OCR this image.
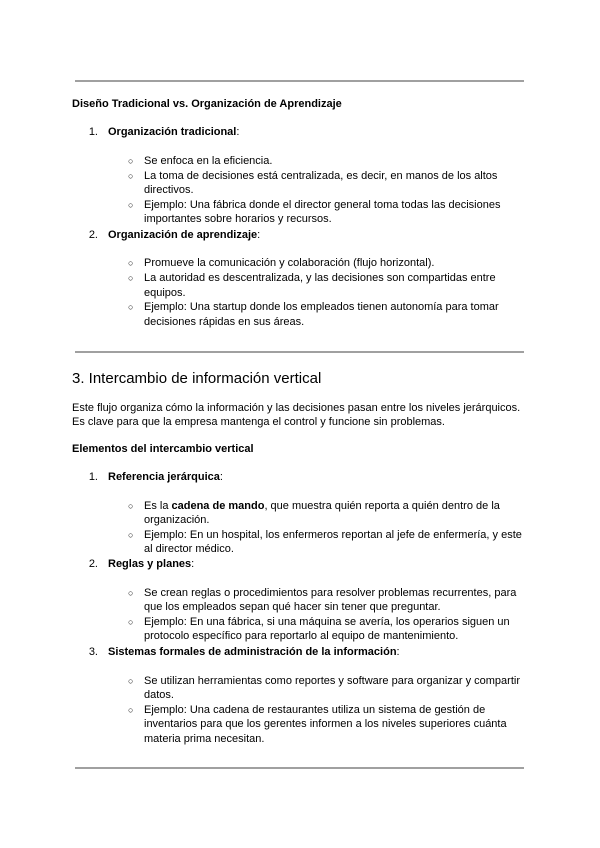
Diseño Tradicional vs. Organización de Aprendizaje
1. Organización tradicional:
○ Se enfoca en la eficiencia.
○ La toma de decisiones está centralizada, es decir, en manos de los altos
directivos.
○ Ejemplo: Una fábrica donde el director general toma todas las decisiones
importantes sobre horarios y recursos.
2. Organización de aprendizaje:
○ Promueve la comunicación y colaboración (flujo horizontal).
○ La autoridad es descentralizada, y las decisiones son compartidas entre
equipos.
○ Ejemplo: Una startup donde los empleados tienen autonomía para tomar
decisiones rápidas en sus áreas.
3. Intercambio de información vertical
Este flujo organiza cómo la información y las decisiones pasan entre los niveles jerárquicos.
Es clave para que la empresa mantenga el control y funcione sin problemas.
Elementos del intercambio vertical
1. Referencia jerárquica:
○ Es la cadena de mando, que muestra quién reporta a quién dentro de la
organización.
○ Ejemplo: En un hospital, los enfermeros reportan al jefe de enfermería, y este
al director médico.
2. Reglas y planes:
○ Se crean reglas o procedimientos para resolver problemas recurrentes, para
que los empleados sepan qué hacer sin tener que preguntar.
○ Ejemplo: En una fábrica, si una máquina se avería, los operarios siguen un
protocolo específico para reportarlo al equipo de mantenimiento.
3. Sistemas formales de administración de la información:
○ Se utilizan herramientas como reportes y software para organizar y compartir
datos.
○ Ejemplo: Una cadena de restaurantes utiliza un sistema de gestión de
inventarios para que los gerentes informen a los niveles superiores cuánta
materia prima necesitan.
